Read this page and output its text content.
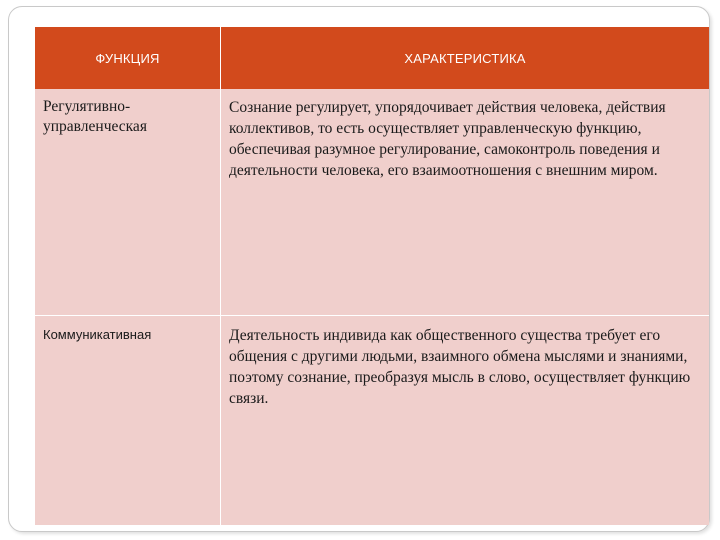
ФУНКЦИЯ	ХАРАКТЕРИСТИКА
Регулятивно-управленческая	Сознание регулирует, упорядочивает действия человека, действия коллективов, то есть осуществляет управленческую функцию, обеспечивая разумное регулирование, самоконтроль поведения и деятельности человека, его взаимоотношения с внешним миром.
Коммуникативная	Деятельность индивида как общественного существа требует его общения с другими людьми, взаимного обмена мыслями и знаниями, поэтому сознание, преобразуя мысль в слово, осуществляет функцию связи.
